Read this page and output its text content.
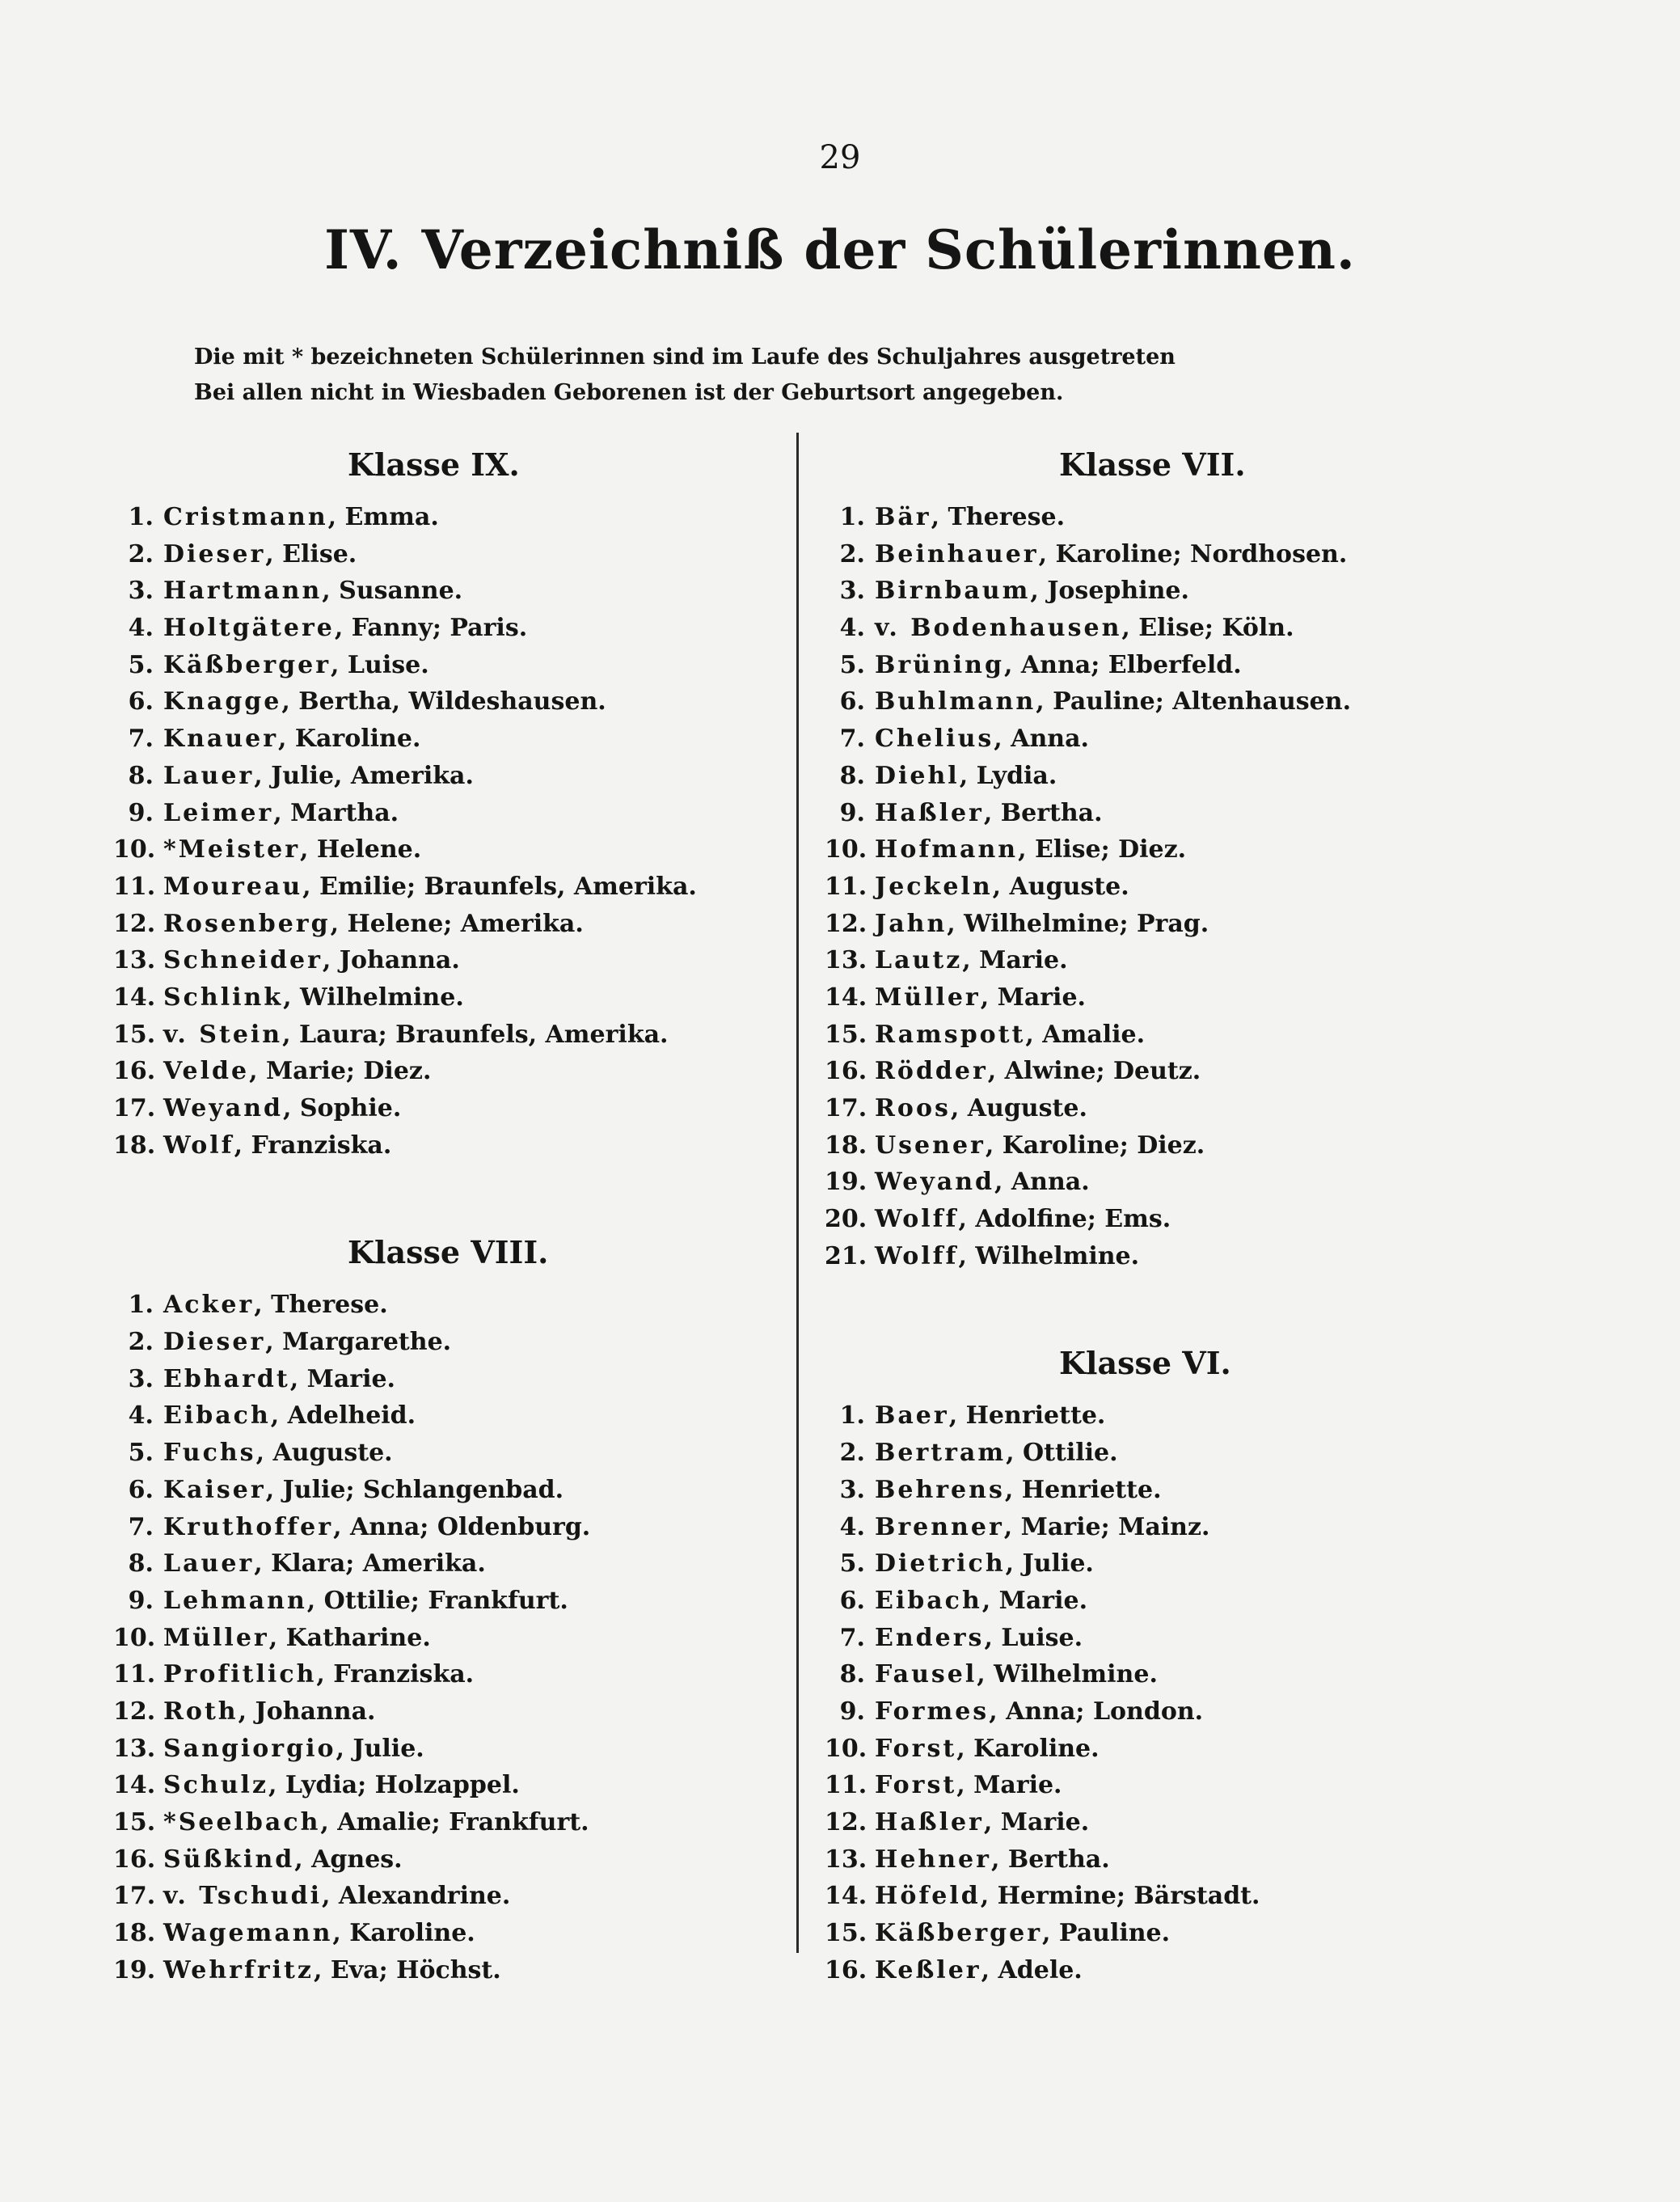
29
IV. Verzeichniß der Schülerinnen.
Die mit * bezeichneten Schülerinnen sind im Laufe des Schuljahres ausgetreten
Bei allen nicht in Wiesbaden Geborenen ist der Geburtsort angegeben.
Klasse IX.
1. Cristmann, Emma.
2. Dieser, Elise.
3. Hartmann, Susanne.
4. Holtgätere, Fanny; Paris.
5. Käßberger, Luise.
6. Knagge, Bertha, Wildeshausen.
7. Knauer, Karoline.
8. Lauer, Julie, Amerika.
9. Leimer, Martha.
10. *Meister, Helene.
11. Moureau, Emilie; Braunfels, Amerika.
12. Rosenberg, Helene; Amerika.
13. Schneider, Johanna.
14. Schlink, Wilhelmine.
15. v. Stein, Laura; Braunfels, Amerika.
16. Velde, Marie; Diez.
17. Weyand, Sophie.
18. Wolf, Franziska.
Klasse VIII.
1. Acker, Therese.
2. Dieser, Margarethe.
3. Ebhardt, Marie.
4. Eibach, Adelheid.
5. Fuchs, Auguste.
6. Kaiser, Julie; Schlangenbad.
7. Kruthoffer, Anna; Oldenburg.
8. Lauer, Klara; Amerika.
9. Lehmann, Ottilie; Frankfurt.
10. Müller, Katharine.
11. Profitlich, Franziska.
12. Roth, Johanna.
13. Sangiorgio, Julie.
14. Schulz, Lydia; Holzappel.
15. *Seelbach, Amalie; Frankfurt.
16. Süßkind, Agnes.
17. v. Tschudi, Alexandrine.
18. Wagemann, Karoline.
19. Wehrfritz, Eva; Höchst.
Klasse VII.
1. Bär, Therese.
2. Beinhauer, Karoline; Nordhosen.
3. Birnbaum, Josephine.
4. v. Bodenhausen, Elise; Köln.
5. Brüning, Anna; Elberfeld.
6. Buhlmann, Pauline; Altenhausen.
7. Chelius, Anna.
8. Diehl, Lydia.
9. Haßler, Bertha.
10. Hofmann, Elise; Diez.
11. Jeckeln, Auguste.
12. Jahn, Wilhelmine; Prag.
13. Lautz, Marie.
14. Müller, Marie.
15. Ramspott, Amalie.
16. Rödder, Alwine; Deutz.
17. Roos, Auguste.
18. Usener, Karoline; Diez.
19. Weyand, Anna.
20. Wolff, Adolfine; Ems.
21. Wolff, Wilhelmine.
Klasse VI.
1. Baer, Henriette.
2. Bertram, Ottilie.
3. Behrens, Henriette.
4. Brenner, Marie; Mainz.
5. Dietrich, Julie.
6. Eibach, Marie.
7. Enders, Luise.
8. Fausel, Wilhelmine.
9. Formes, Anna; London.
10. Forst, Karoline.
11. Forst, Marie.
12. Haßler, Marie.
13. Hehner, Bertha.
14. Höfeld, Hermine; Bärstadt.
15. Käßberger, Pauline.
16. Keßler, Adele.
